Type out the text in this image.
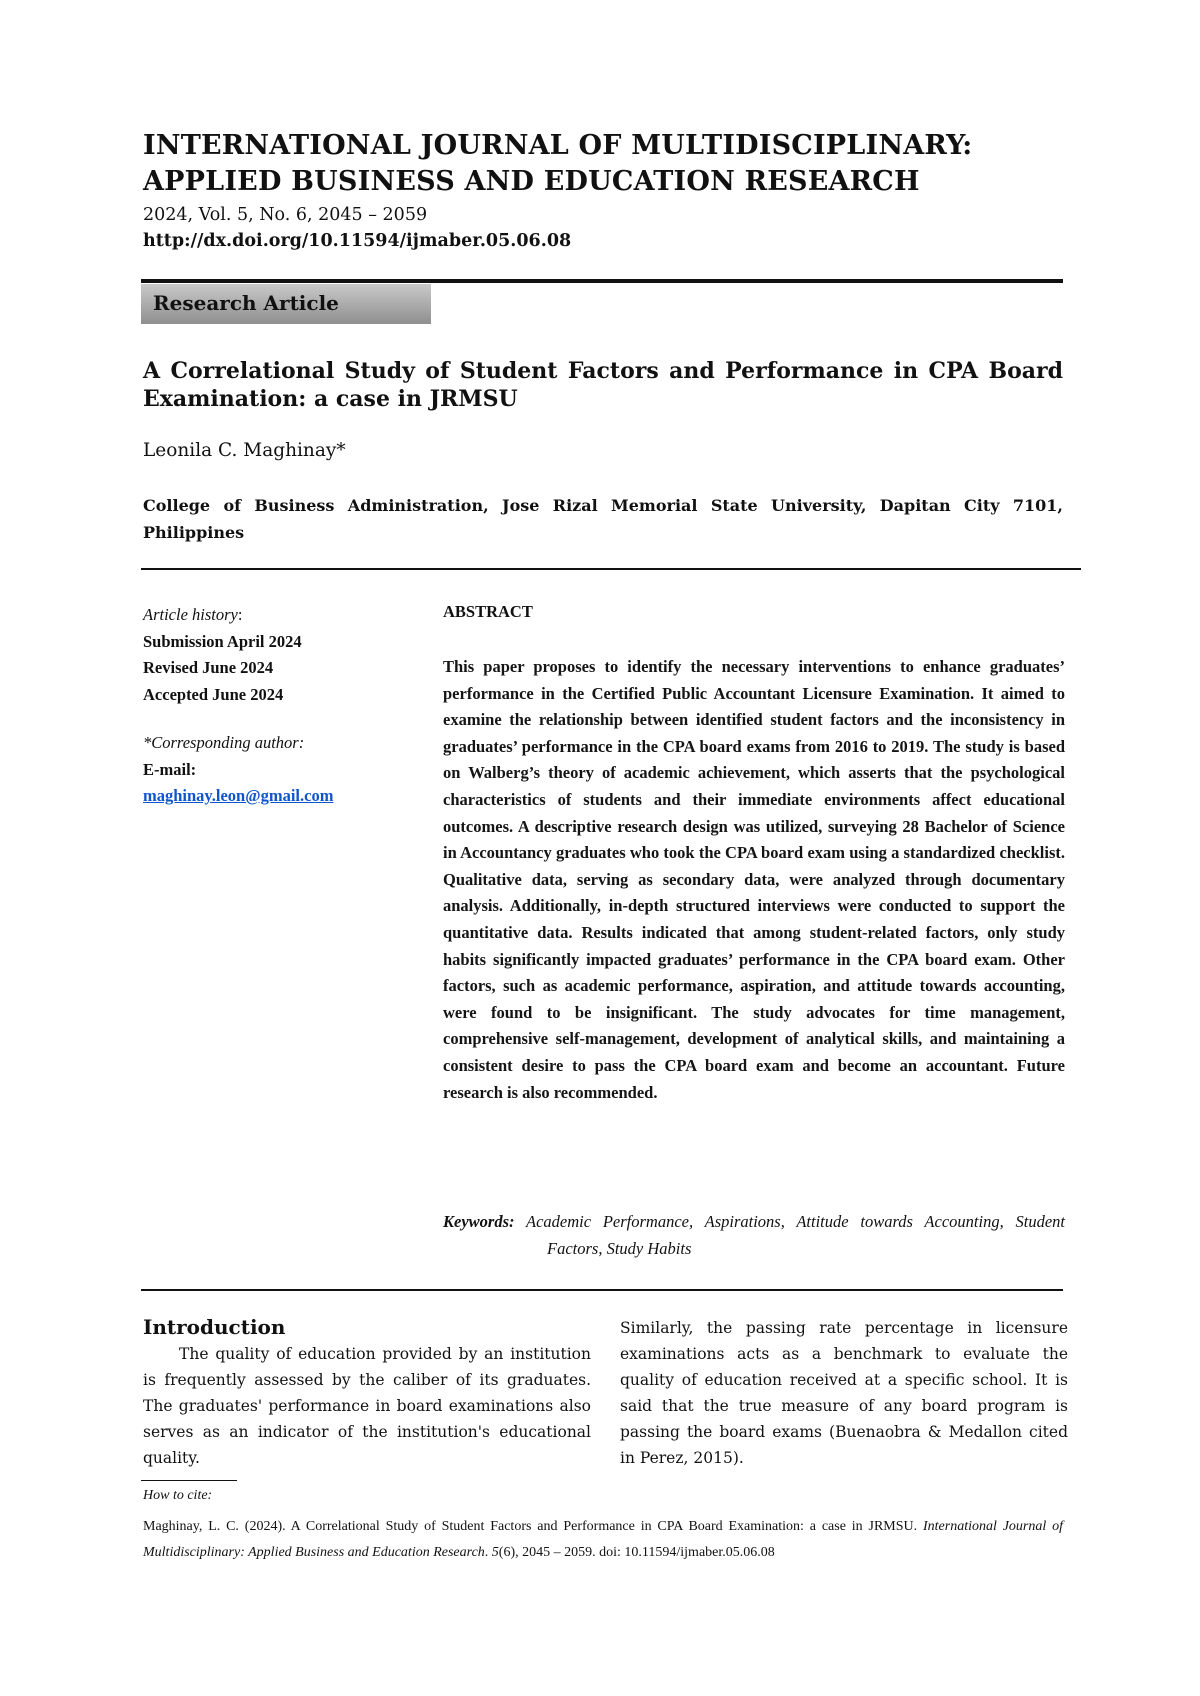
INTERNATIONAL JOURNAL OF MULTIDISCIPLINARY: APPLIED BUSINESS AND EDUCATION RESEARCH
2024, Vol. 5, No. 6, 2045 – 2059
http://dx.doi.org/10.11594/ijmaber.05.06.08
Research Article
A Correlational Study of Student Factors and Performance in CPA Board Examination: a case in JRMSU
Leonila C. Maghinay*
College of Business Administration, Jose Rizal Memorial State University, Dapitan City 7101, Philippines
Article history:
Submission April 2024
Revised June 2024
Accepted June 2024
*Corresponding author:
E-mail:
maghinay.leon@gmail.com
ABSTRACT

This paper proposes to identify the necessary interventions to enhance graduates’ performance in the Certified Public Accountant Licensure Examination. It aimed to examine the relationship between identified student factors and the inconsistency in graduates’ performance in the CPA board exams from 2016 to 2019. The study is based on Walberg’s theory of academic achievement, which asserts that the psychological characteristics of students and their immediate environments affect educational outcomes. A descriptive research design was utilized, surveying 28 Bachelor of Science in Accountancy graduates who took the CPA board exam using a standardized checklist. Qualitative data, serving as secondary data, were analyzed through documentary analysis. Additionally, in-depth structured interviews were conducted to support the quantitative data. Results indicated that among student-related factors, only study habits significantly impacted graduates’ performance in the CPA board exam. Other factors, such as academic performance, aspiration, and attitude towards accounting, were found to be insignificant. The study advocates for time management, comprehensive self-management, development of analytical skills, and maintaining a consistent desire to pass the CPA board exam and become an accountant. Future research is also recommended.

Keywords: Academic Performance, Aspirations, Attitude towards Accounting, Student Factors, Study Habits
Introduction

The quality of education provided by an institution is frequently assessed by the caliber of its graduates. The graduates' performance in board examinations also serves as an indicator of the institution's educational quality.

Similarly, the passing rate percentage in licensure examinations acts as a benchmark to evaluate the quality of education received at a specific school. It is said that the true measure of any board program is passing the board exams (Buenaobra & Medallon cited in Perez, 2015).

How to cite:

Maghinay, L. C. (2024). A Correlational Study of Student Factors and Performance in CPA Board Examination: a case in JRMSU. International Journal of Multidisciplinary: Applied Business and Education Research. 5(6), 2045 – 2059. doi: 10.11594/ijmaber.05.06.08
